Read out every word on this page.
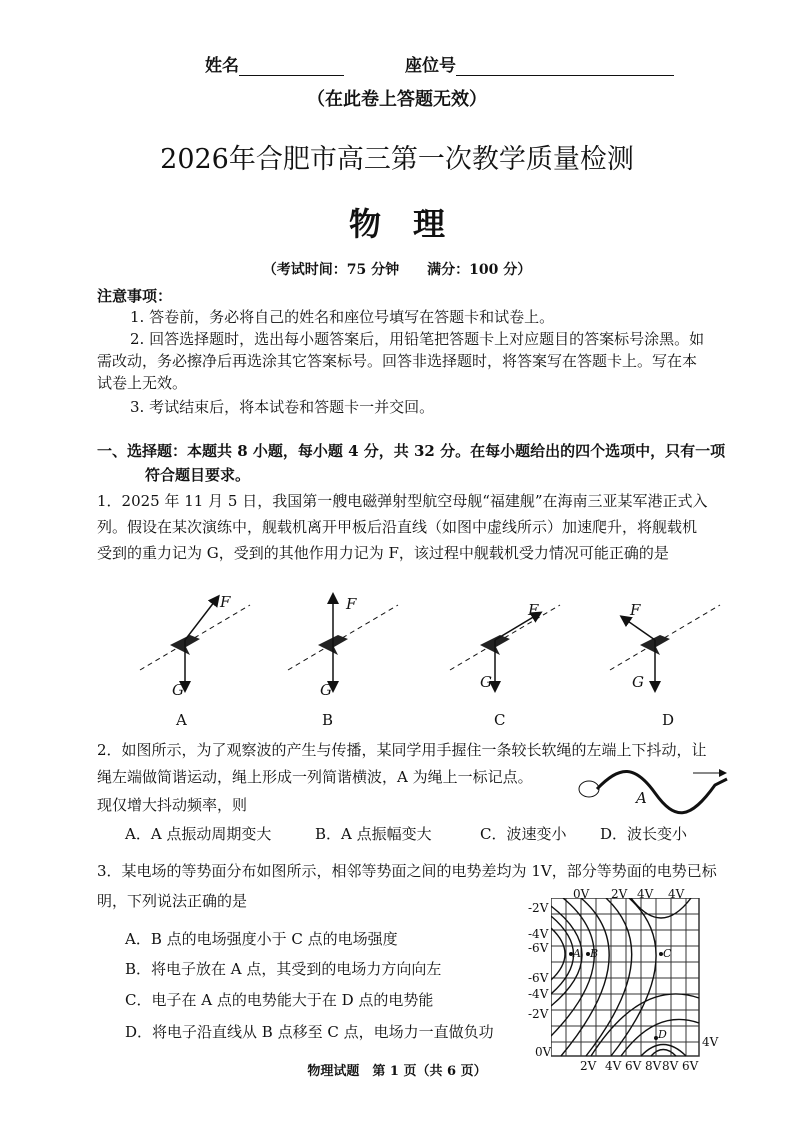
姓名	座位号
（在此卷上答题无效）
2026年合肥市高三第一次教学质量检测
物　理
（考试时间：75 分钟　　满分：100 分）
注意事项：
1. 答卷前，务必将自己的姓名和座位号填写在答题卡和试卷上。
2. 回答选择题时，选出每小题答案后，用铅笔把答题卡上对应题目的答案标号涂黑。如
需改动，务必擦净后再选涂其它答案标号。回答非选择题时，将答案写在答题卡上。写在本
试卷上无效。
3. 考试结束后，将本试卷和答题卡一并交回。
一、选择题：本题共 8 小题，每小题 4 分，共 32 分。在每小题给出的四个选项中，只有一项
符合题目要求。
1．2025 年 11 月 5 日，我国第一艘电磁弹射型航空母舰“福建舰”在海南三亚某军港正式入
列。假设在某次演练中，舰载机离开甲板后沿直线（如图中虚线所示）加速爬升，将舰载机
受到的重力记为 G，受到的其他作用力记为 F，该过程中舰载机受力情况可能正确的是
F
G
F
G
F
G
F
G
A	B	C	D
2．如图所示，为了观察波的产生与传播，某同学用手握住一条较长软绳的左端上下抖动，让
绳左端做简谐运动，绳上形成一列简谐横波，A 为绳上一标记点。
现仅增大抖动频率，则	A
A．A 点振动周期变大	B．A 点振幅变大	C．波速变小 D．波长变小
3．某电场的等势面分布如图所示，相邻等势面之间的电势差均为 1V，部分等势面的电势已标
明，下列说法正确的是
A．B 点的电场强度小于 C 点的电场强度
B．将电子放在 A 点，其受到的电场力方向向左
C．电子在 A 点的电势能大于在 D 点的电势能
D．将电子沿直线从 B 点移至 C 点，电场力一直做负功
0V 2V 4V 4V
-2V
-4V
-6V
-6V
-4V
-2V
0V
2V 4V 6V 8V 8V 6V
4V
A B	C
D
物理试题　第 1 页（共 6 页）
